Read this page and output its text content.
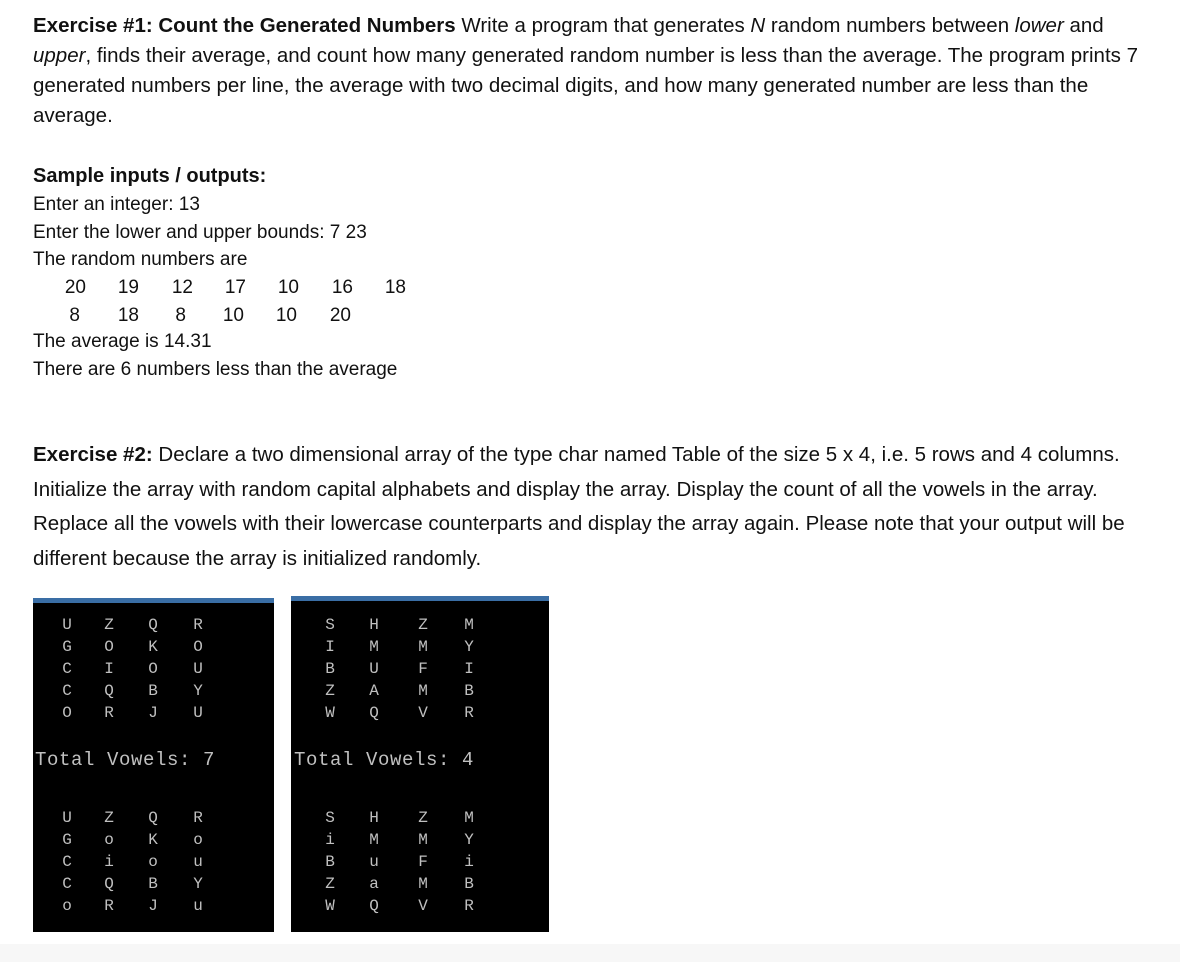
Exercise #1: Count the Generated Numbers Write a program that generates N random numbers between lower and upper, finds their average, and count how many generated random number is less than the average. The program prints 7 generated numbers per line, the average with two decimal digits, and how many generated number are less than the average.

Sample inputs / outputs:
Enter an integer: 13
Enter the lower and upper bounds: 7 23
The random numbers are
20	19	12	17	10	16	18
8	18	8	10	10	20
The average is 14.31
There are 6 numbers less than the average

Exercise #2: Declare a two dimensional array of the type char named Table of the size 5 x 4, i.e. 5 rows and 4 columns. Initialize the array with random capital alphabets and display the array. Display the count of all the vowels in the array. Replace all the vowels with their lowercase counterparts and display the array again. Please note that your output will be different because the array is initialized randomly.

U	Z	Q	R
G	O	K	O
C	I	O	U
C	Q	B	Y
O	R	J	U
U	Z	Q	R
G	o	K	o
C	i	o	u
C	Q	B	Y
o	R	J	u
Total Vowels: 7
S	H	Z	M
I	M	M	Y
B	U	F	I
Z	A	M	B
W	Q	V	R
S	H	Z	M
i	M	M	Y
B	u	F	i
Z	a	M	B
W	Q	V	R
Total Vowels: 4
